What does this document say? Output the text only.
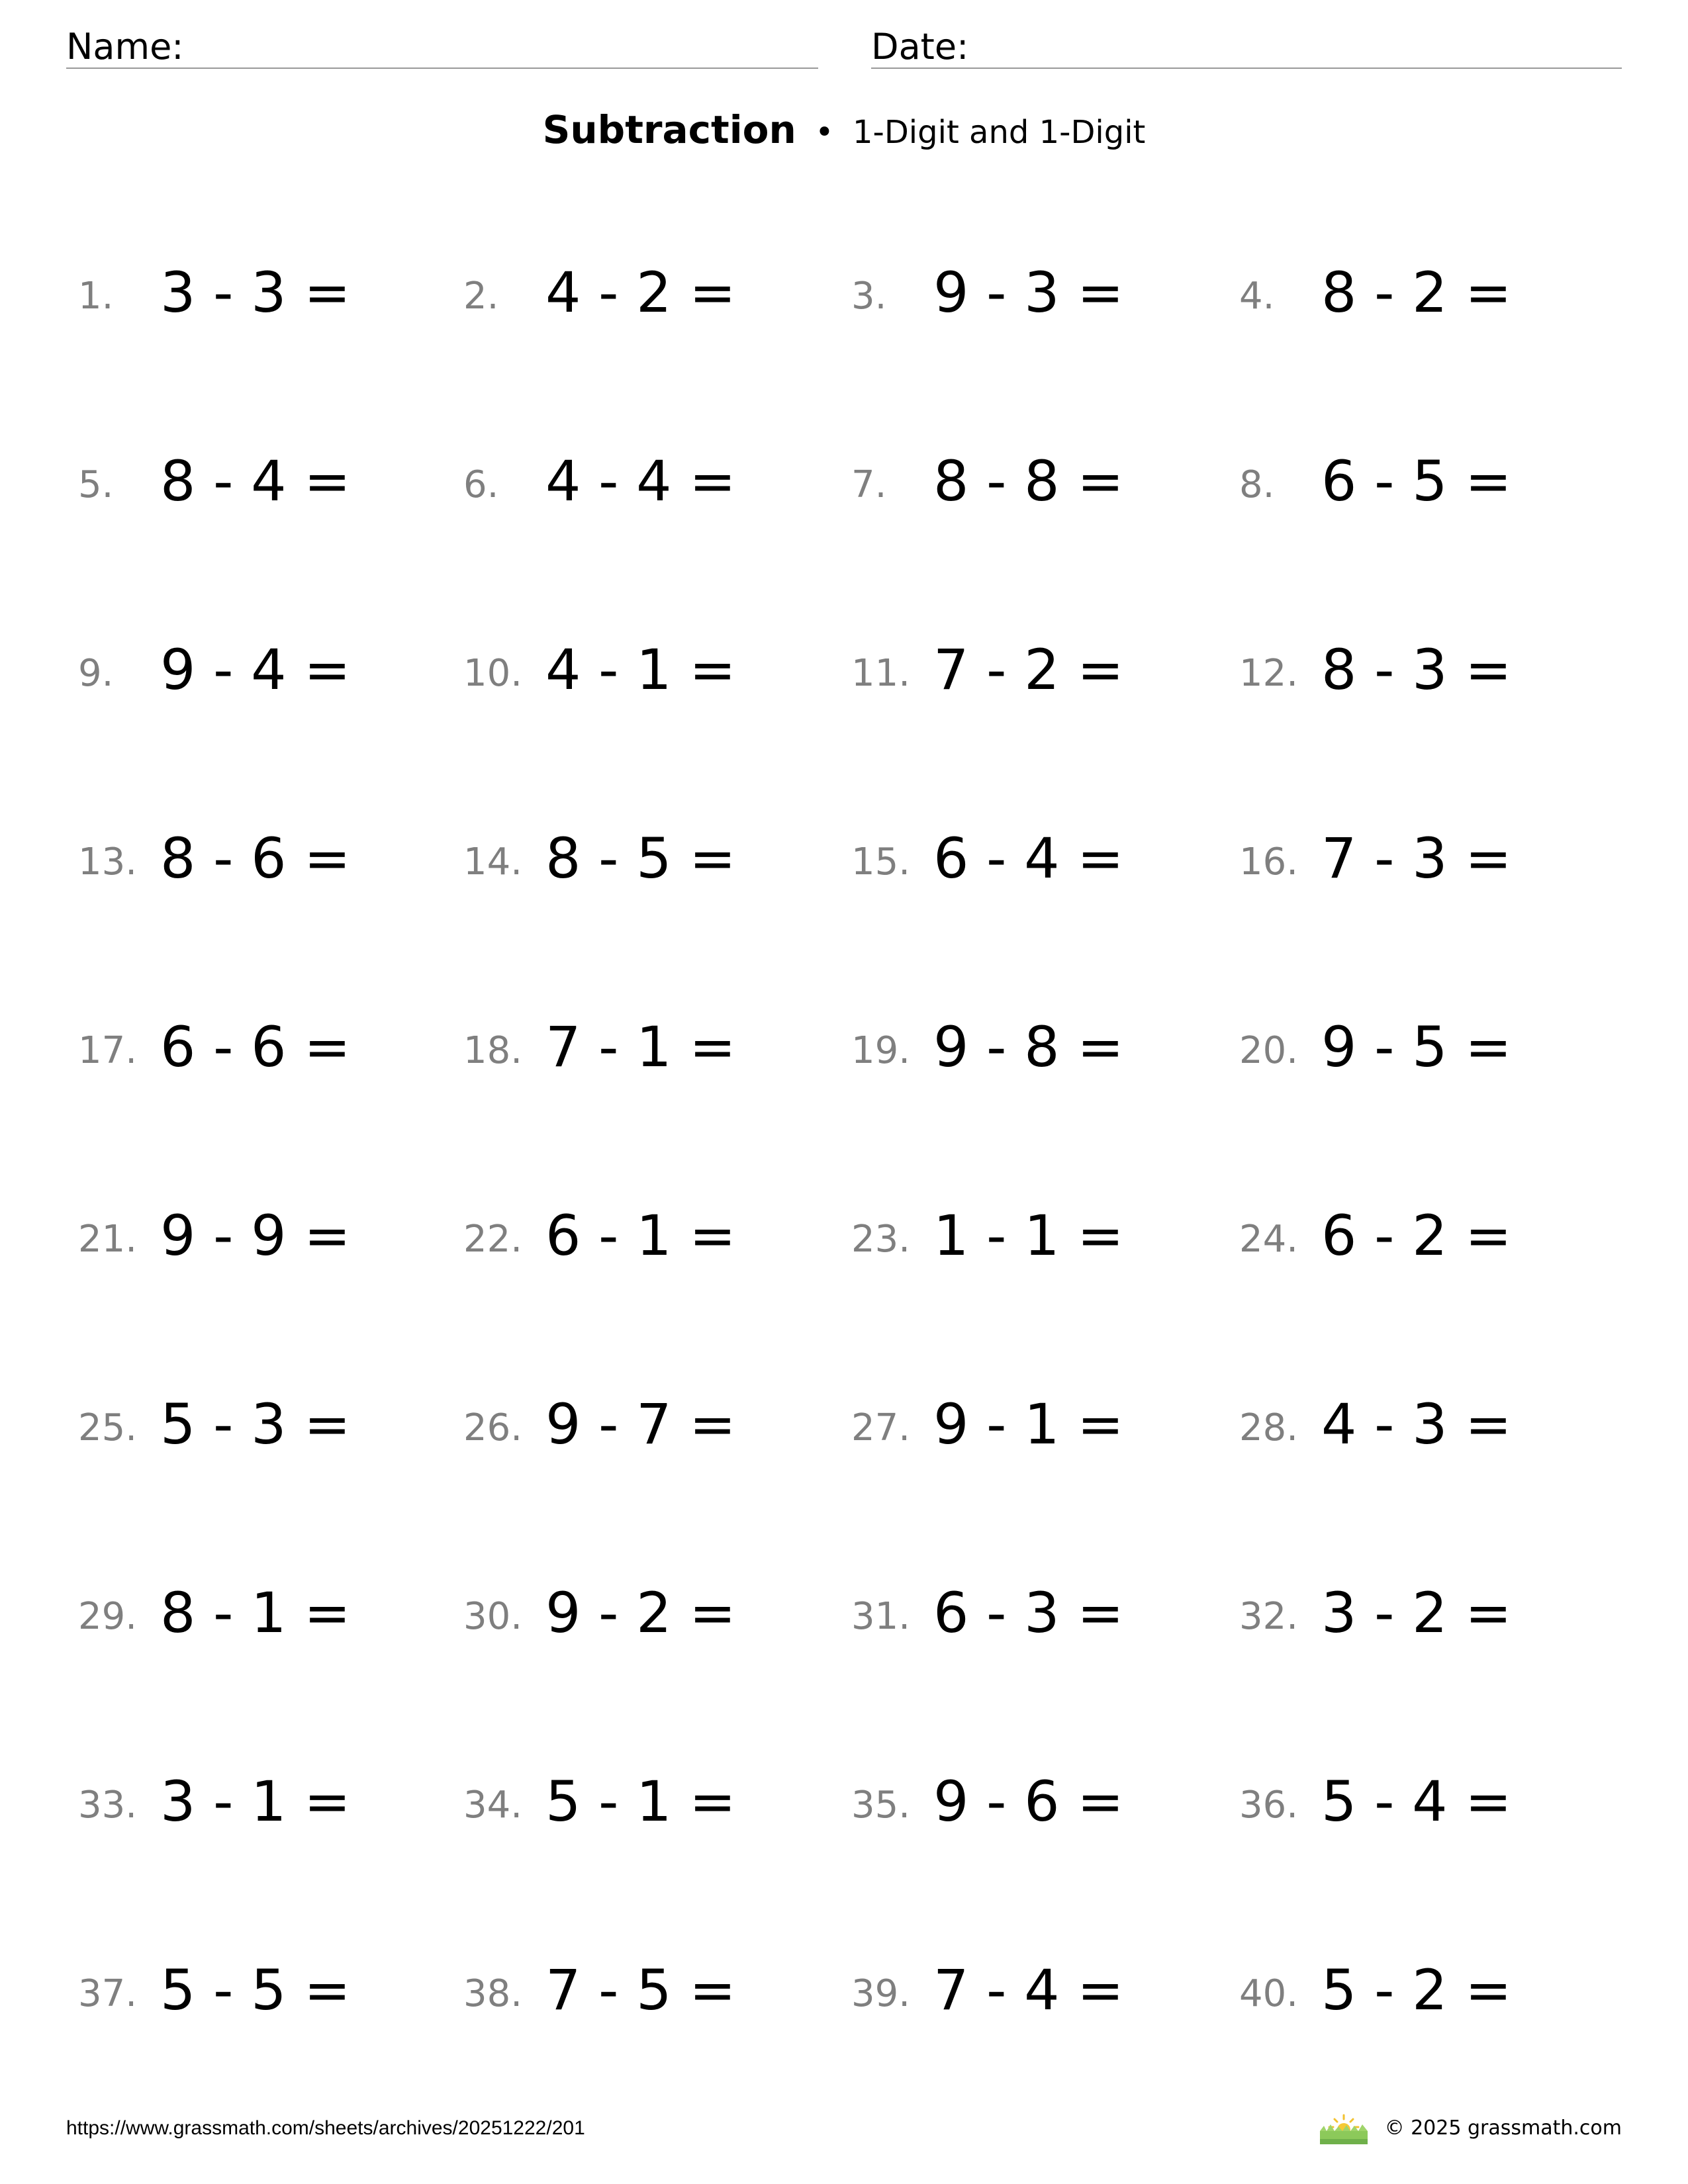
Name:	Date:
Subtraction • 1-Digit and 1-Digit
1. 3 - 3 =	2. 4 - 2 =	3. 9 - 3 =	4. 8 - 2 =
5. 8 - 4 =	6. 4 - 4 =	7. 8 - 8 =	8. 6 - 5 =
9. 9 - 4 =	10. 4 - 1 =	11. 7 - 2 =	12. 8 - 3 =
13. 8 - 6 =	14. 8 - 5 =	15. 6 - 4 =	16. 7 - 3 =
17. 6 - 6 =	18. 7 - 1 =	19. 9 - 8 =	20. 9 - 5 =
21. 9 - 9 =	22. 6 - 1 =	23. 1 - 1 =	24. 6 - 2 =
25. 5 - 3 =	26. 9 - 7 =	27. 9 - 1 =	28. 4 - 3 =
29. 8 - 1 =	30. 9 - 2 =	31. 6 - 3 =	32. 3 - 2 =
33. 3 - 1 =	34. 5 - 1 =	35. 9 - 6 =	36. 5 - 4 =
37. 5 - 5 =	38. 7 - 5 =	39. 7 - 4 =	40. 5 - 2 =
https://www.grassmath.com/sheets/archives/20251222/201	© 2025 grassmath.com
